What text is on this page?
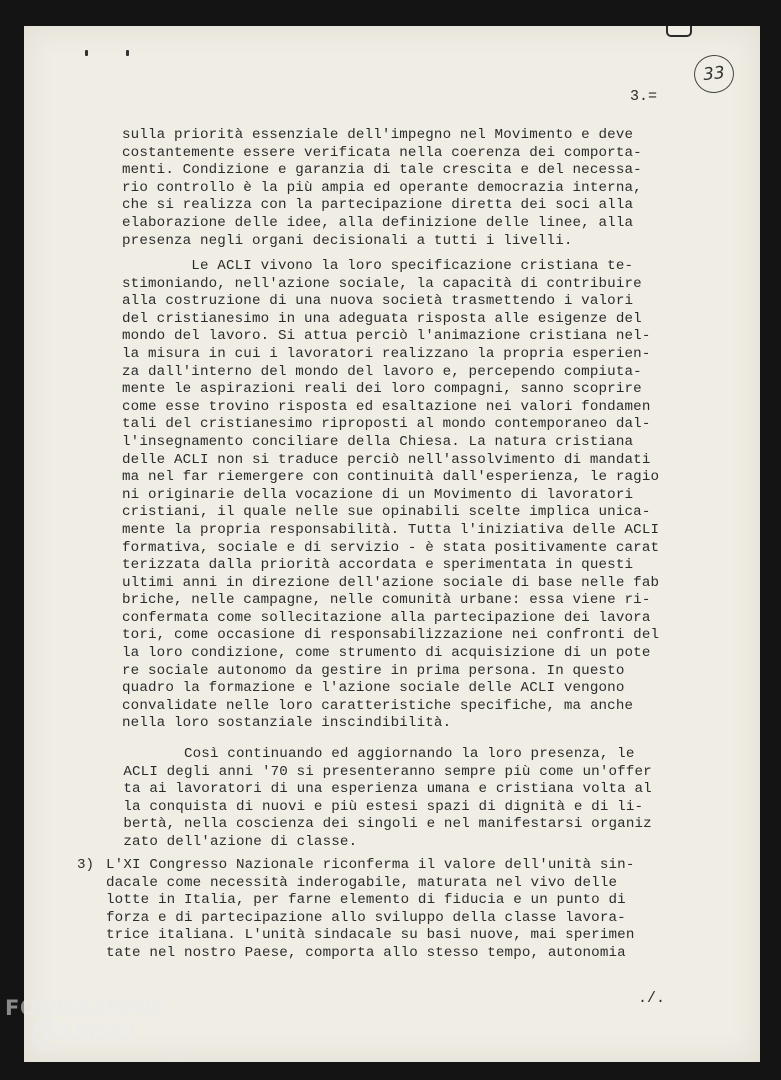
33
3.=
sulla priorità essenziale dell'impegno nel Movimento e deve
costantemente essere verificata nella coerenza dei comporta-
menti. Condizione e garanzia di tale crescita e del necessa-
rio controllo è la più ampia ed operante democrazia interna,
che si realizza con la partecipazione diretta dei soci alla
elaborazione delle idee, alla definizione delle linee, alla
presenza negli organi decisionali a tutti i livelli.
Le ACLI vivono la loro specificazione cristiana te-
stimoniando, nell'azione sociale, la capacità di contribuire
alla costruzione di una nuova società trasmettendo i valori
del cristianesimo in una adeguata risposta alle esigenze del
mondo del lavoro. Si attua perciò l'animazione cristiana nel-
la misura in cui i lavoratori realizzano la propria esperien-
za dall'interno del mondo del lavoro e, percependo compiuta-
mente le aspirazioni reali dei loro compagni, sanno scoprire
come esse trovino risposta ed esaltazione nei valori fondamen
tali del cristianesimo riproposti al mondo contemporaneo dal-
l'insegnamento conciliare della Chiesa. La natura cristiana
delle ACLI non si traduce perciò nell'assolvimento di mandati
ma nel far riemergere con continuità dall'esperienza, le ragio
ni originarie della vocazione di un Movimento di lavoratori
cristiani, il quale nelle sue opinabili scelte implica unica-
mente la propria responsabilità. Tutta l'iniziativa delle ACLI
formativa, sociale e di servizio - è stata positivamente carat
terizzata dalla priorità accordata e sperimentata in questi
ultimi anni in direzione dell'azione sociale di base nelle fab
briche, nelle campagne, nelle comunità urbane: essa viene ri-
confermata come sollecitazione alla partecipazione dei lavora
tori, come occasione di responsabilizzazione nei confronti del
la loro condizione, come strumento di acquisizione di un pote
re sociale autonomo da gestire in prima persona. In questo
quadro la formazione e l'azione sociale delle ACLI vengono
convalidate nelle loro caratteristiche specifiche, ma anche
nella loro sostanziale inscindibilità.
Così continuando ed aggiornando la loro presenza, le
ACLI degli anni '70 si presenteranno sempre più come un'offer
ta ai lavoratori di una esperienza umana e cristiana volta al
la conquista di nuovi e più estesi spazi di dignità e di li-
bertà, nella coscienza dei singoli e nel manifestarsi organiz
zato dell'azione di classe.
3) L'XI Congresso Nazionale riconferma il valore dell'unità sin-
dacale come necessità inderogabile, maturata nel vivo delle
lotte in Italia, per farne elemento di fiducia e un punto di
forza e di partecipazione allo sviluppo della classe lavora-
trice italiana. L'unità sindacale su basi nuove, mai sperimen
tate nel nostro Paese, comporta allo stesso tempo, autonomia
./.
FONDAZIONE
RAMSCI
onlus
